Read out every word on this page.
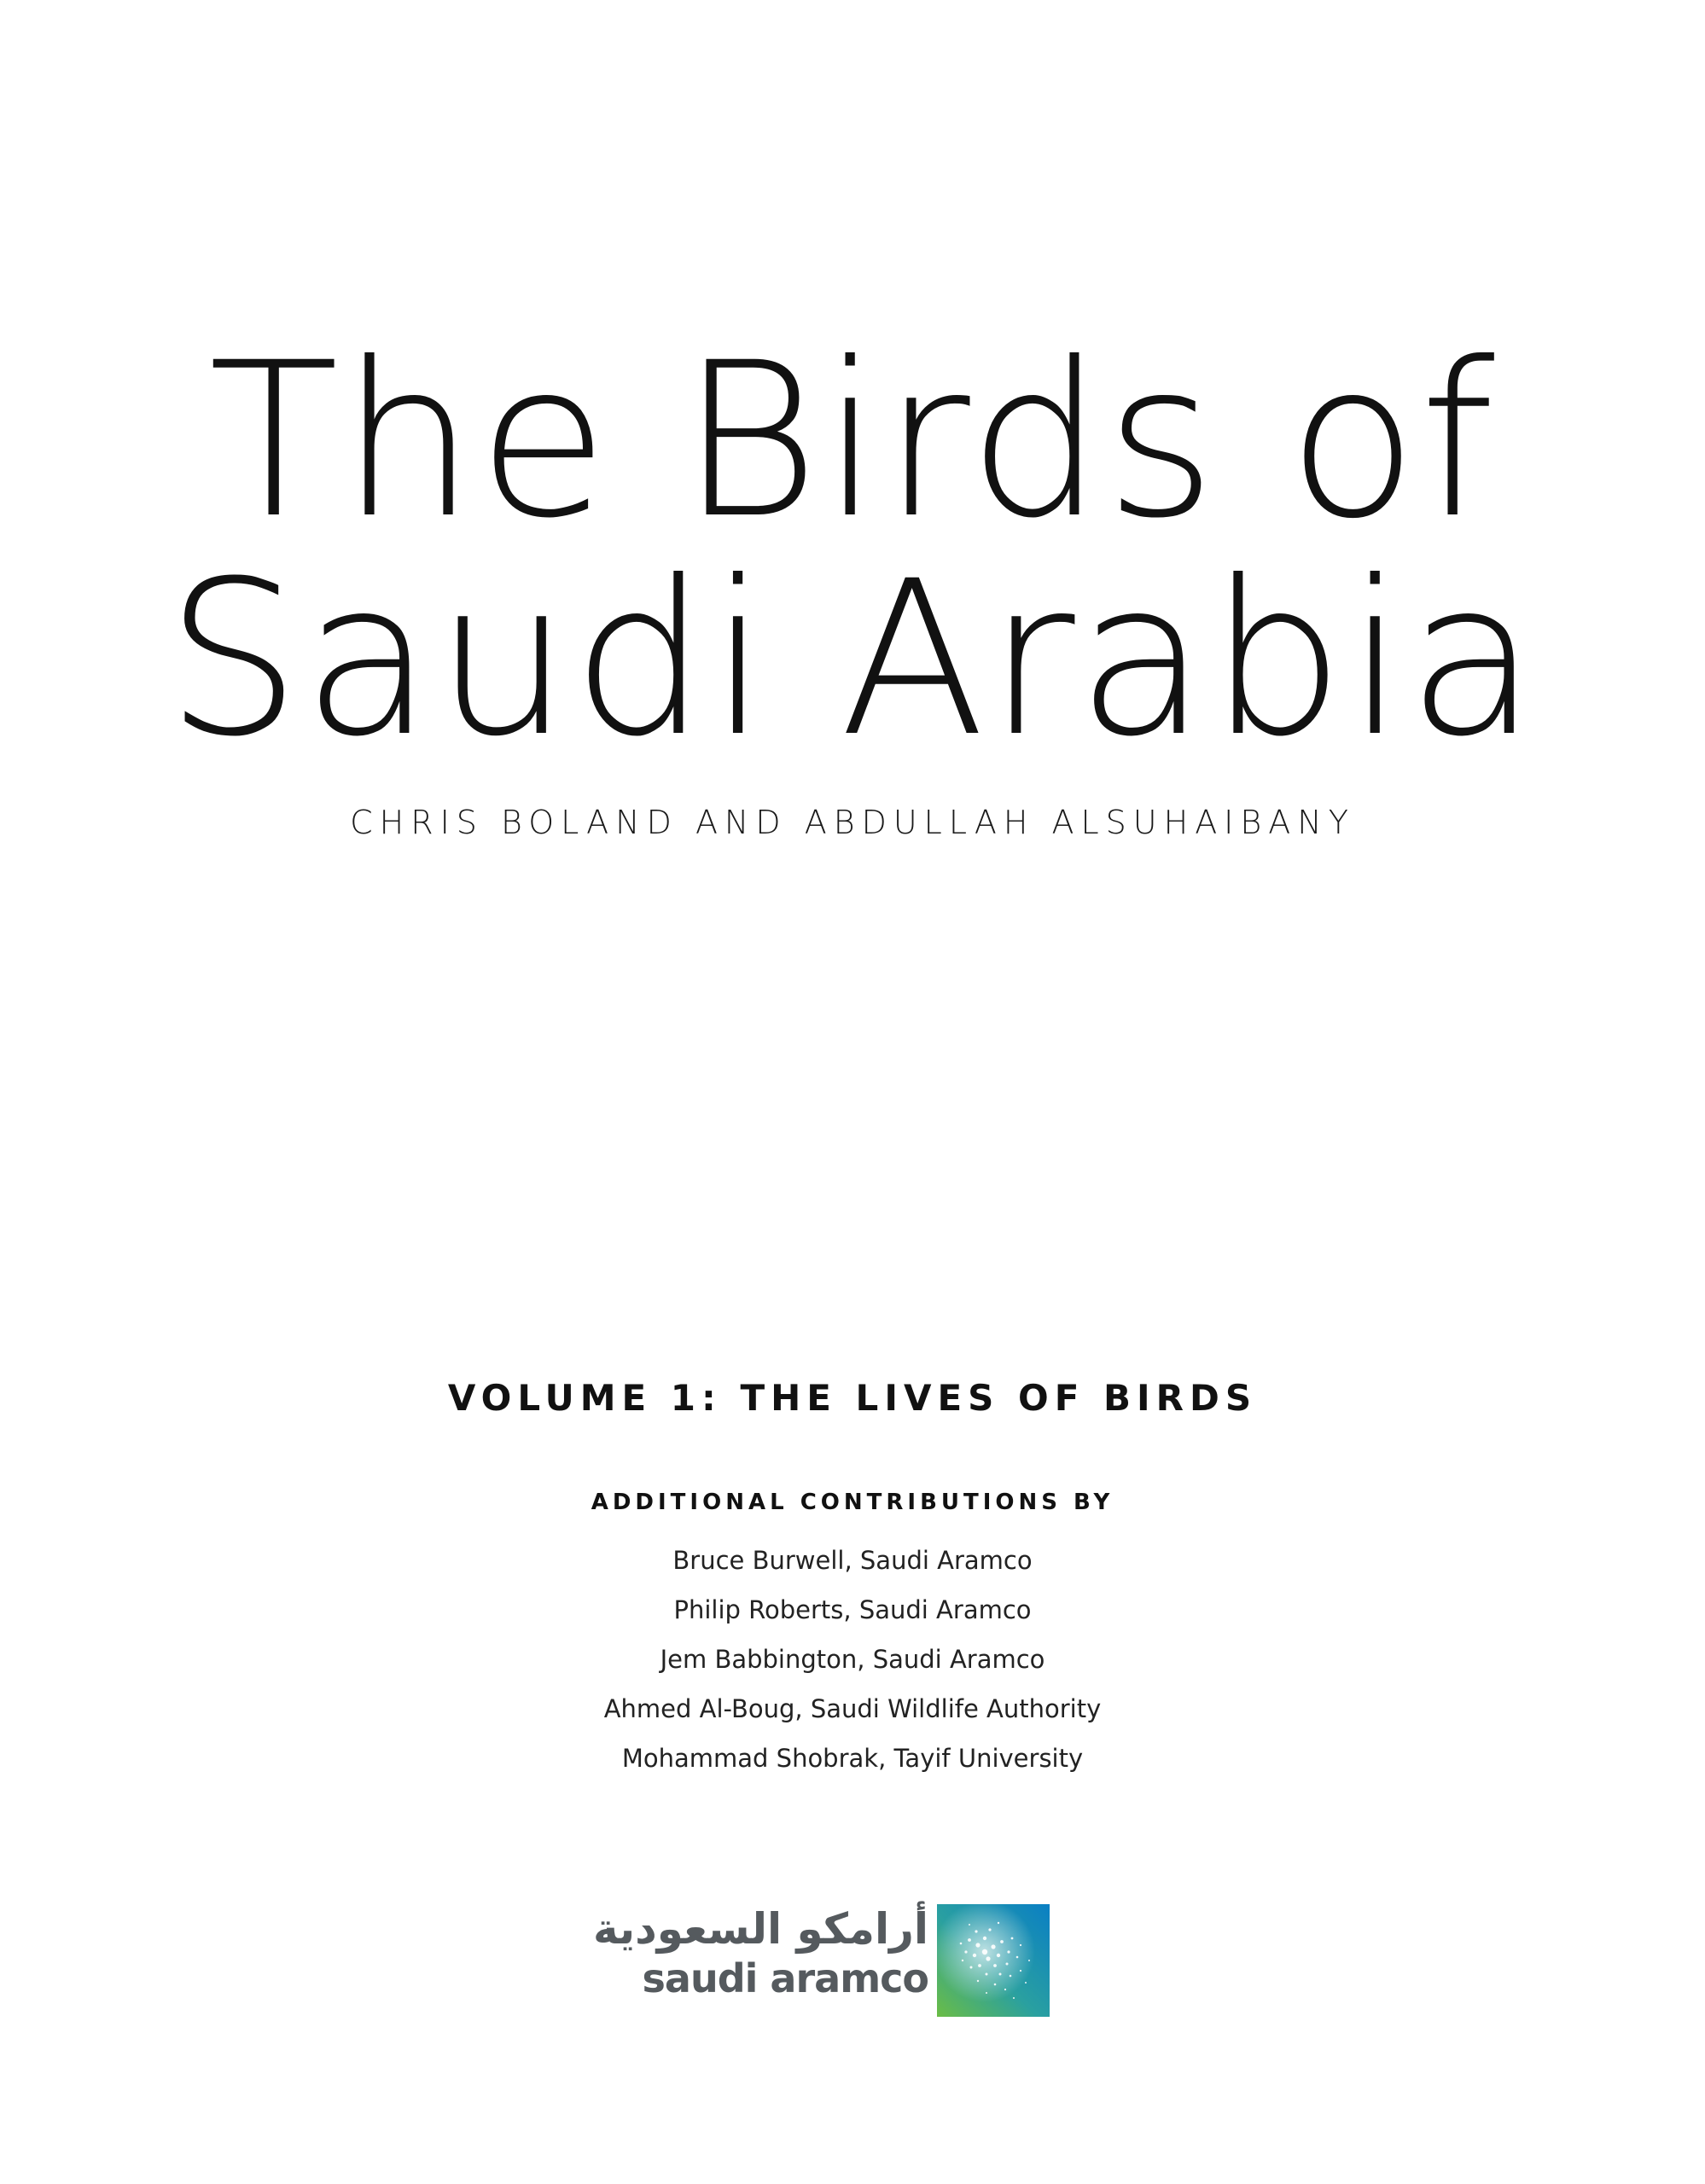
The Birds of
Saudi Arabia
CHRIS BOLAND AND ABDULLAH ALSUHAIBANY
VOLUME 1: THE LIVES OF BIRDS
ADDITIONAL CONTRIBUTIONS BY
Bruce Burwell, Saudi Aramco
Philip Roberts, Saudi Aramco
Jem Babbington, Saudi Aramco
Ahmed Al-Boug, Saudi Wildlife Authority
Mohammad Shobrak, Tayif University
أرامكو السعودية
saudi aramco
